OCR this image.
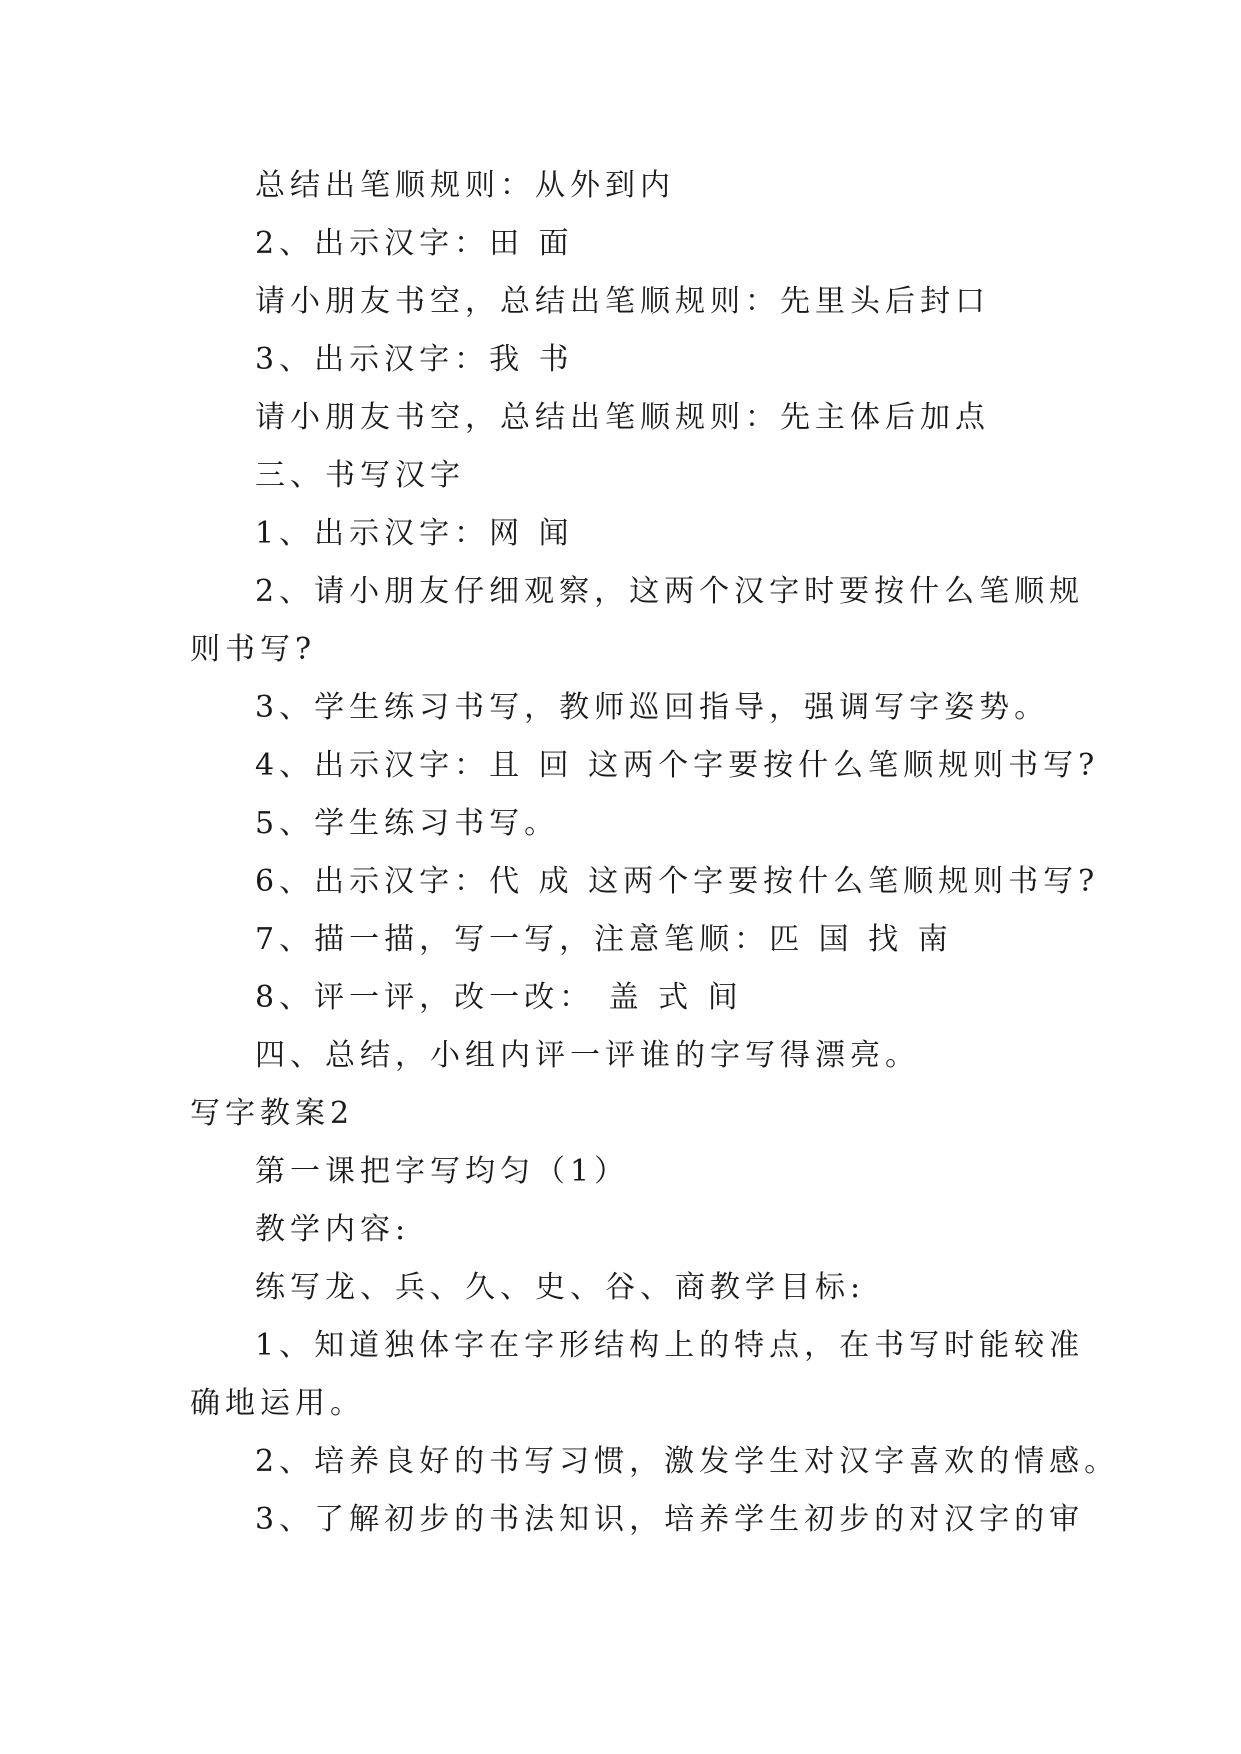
总结出笔顺规则：从外到内
2、出示汉字：田 面
请小朋友书空，总结出笔顺规则：先里头后封口
3、出示汉字：我 书
请小朋友书空，总结出笔顺规则：先主体后加点
三、书写汉字
1、出示汉字：网 闻
2、请小朋友仔细观察，这两个汉字时要按什么笔顺规
则书写?
3、学生练习书写，教师巡回指导，强调写字姿势。
4、出示汉字：且 回 这两个字要按什么笔顺规则书写?
5、学生练习书写。
6、出示汉字：代 成 这两个字要按什么笔顺规则书写?
7、描一描，写一写，注意笔顺：匹 国 找 南
8、评一评，改一改： 盖 式 间
四、总结，小组内评一评谁的字写得漂亮。
写字教案2
第一课把字写均匀（1）
教学内容:
练写龙、兵、久、史、谷、商教学目标:
1、知道独体字在字形结构上的特点，在书写时能较准
确地运用。
2、培养良好的书写习惯，激发学生对汉字喜欢的情感。
3、了解初步的书法知识，培养学生初步的对汉字的审
